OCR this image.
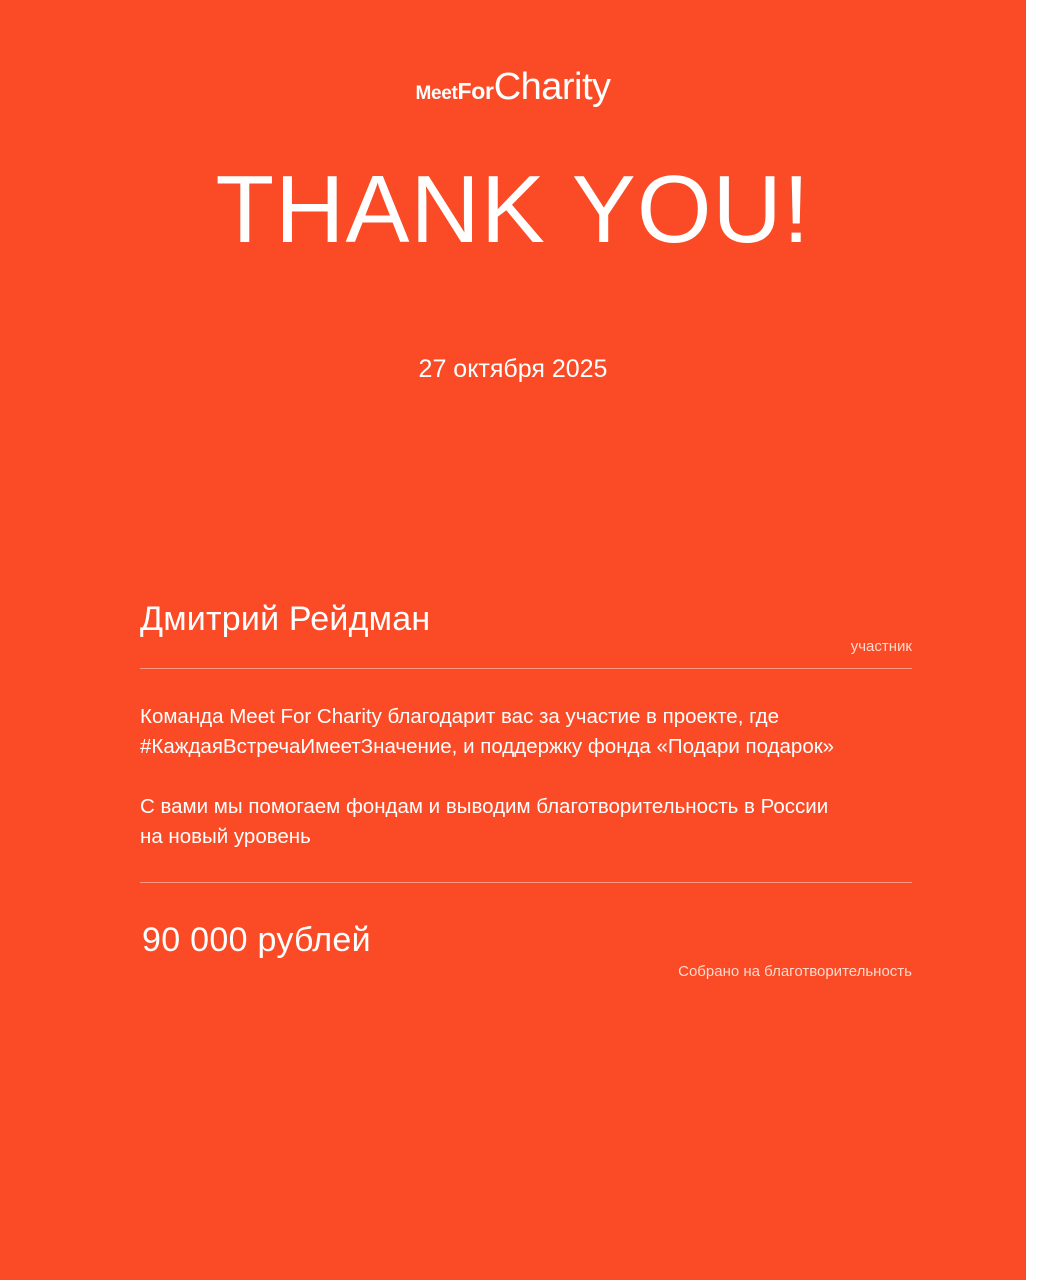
MeetForCharity
THANK YOU!
27 октября 2025
Дмитрий Рейдман
участник

Команда Meet For Charity благодарит вас за участие в проекте, где #КаждаяВстречаИмеетЗначение, и поддержку фонда «Подари подарок»

С вами мы помогаем фондам и выводим благотворительность в России на новый уровень

90 000 рублей
Собрано на благотворительность
